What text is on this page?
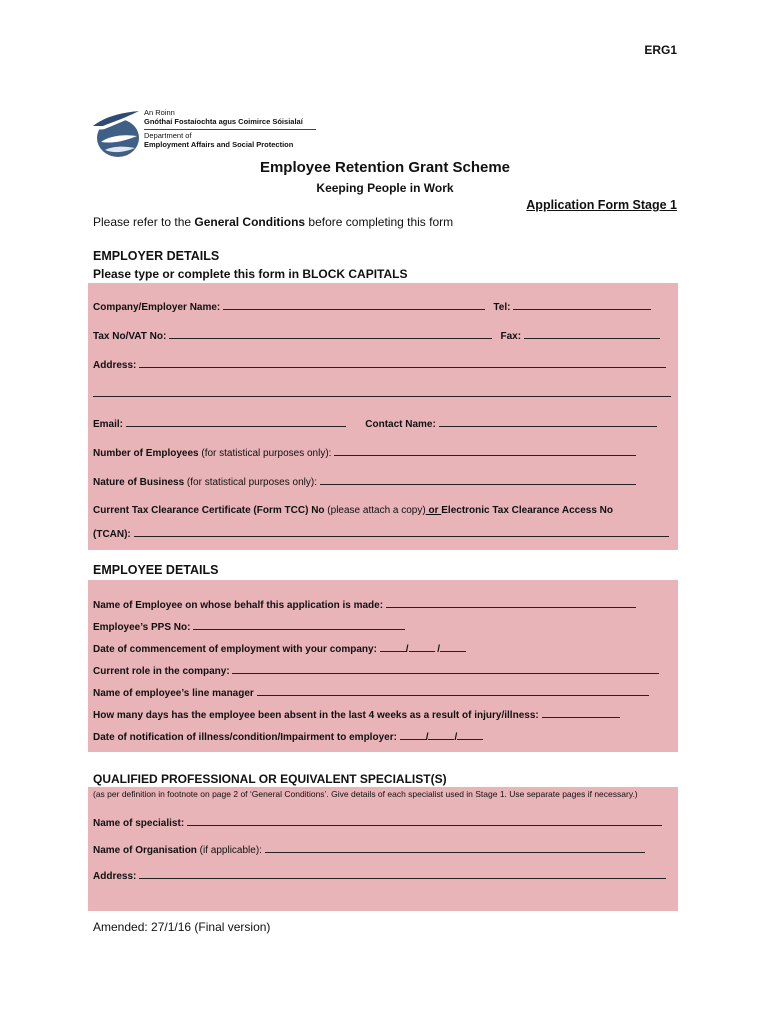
ERG1
An Roinn
Gnóthaí Fostaíochta agus Coimirce Sóisialaí
Department of
Employment Affairs and Social Protection
Employee Retention Grant Scheme
Keeping People in Work
Application Form Stage 1
Please refer to the General Conditions before completing this form
EMPLOYER DETAILS
Please type or complete this form in BLOCK CAPITALS
Company/Employer Name:	Tel:
Tax No/VAT No:	Fax:
Address:
Email:	Contact Name:
Number of Employees (for statistical purposes only):
Nature of Business (for statistical purposes only):
Current Tax Clearance Certificate (Form TCC) No (please attach a copy) or Electronic Tax Clearance Access No
(TCAN):
EMPLOYEE DETAILS
Name of Employee on whose behalf this application is made:
Employee’s PPS No:
Date of commencement of employment with your company:	/	/
Current role in the company:
Name of employee’s line manager
How many days has the employee been absent in the last 4 weeks as a result of injury/illness:
Date of notification of illness/condition/Impairment to employer:	/	/
QUALIFIED PROFESSIONAL OR EQUIVALENT SPECIALIST(S)
(as per definition in footnote on page 2 of ‘General Conditions’. Give details of each specialist used in Stage 1. Use separate pages if necessary.)
Name of specialist:
Name of Organisation (if applicable):
Address:
Amended: 27/1/16 (Final version)
